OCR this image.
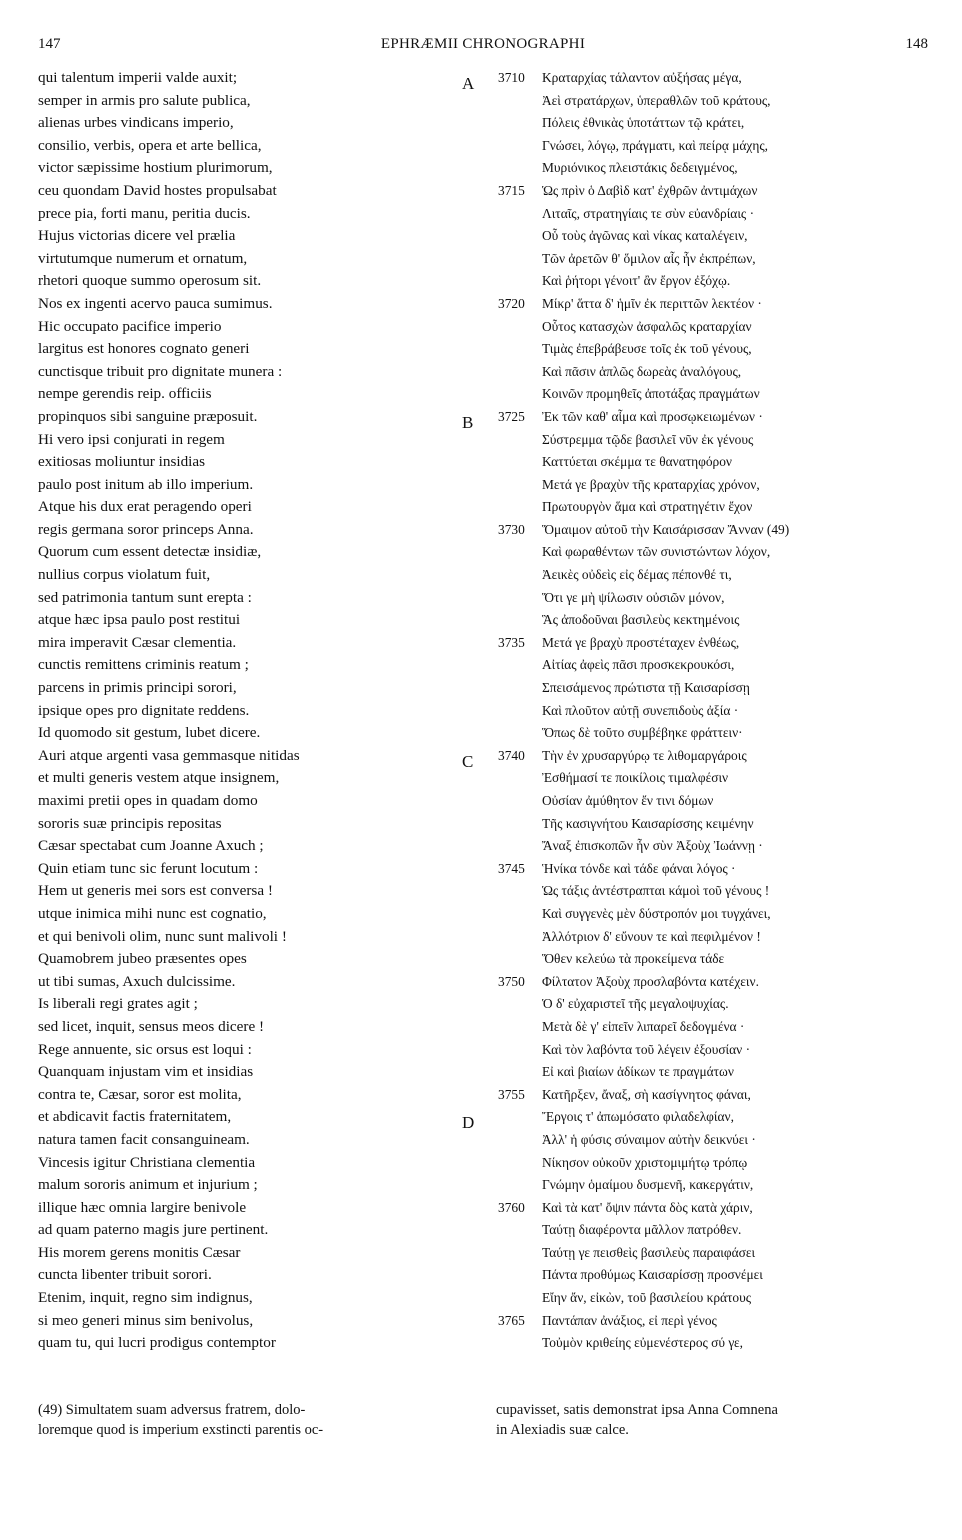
147	EPHRÆMII CHRONOGRAPHI	148
qui talentum imperii valde auxit;
semper in armis pro salute publica,
alienas urbes vindicans imperio,
consilio, verbis, opera et arte bellica,
victor sæpissime hostium plurimorum,
ceu quondam David hostes propulsabat
prece pia, forti manu, peritia ducis.
Hujus victorias dicere vel prælia
virtutumque numerum et ornatum,
rhetori quoque summo operosum sit.
Nos ex ingenti acervo pauca sumimus.
Hic occupato pacifice imperio
largitus est honores cognato generi
cunctisque tribuit pro dignitate munera :
nempe gerendis reip. officiis
propinquos sibi sanguine præposuit.
Hi vero ipsi conjurati in regem
exitiosas moliuntur insidias
paulo post initum ab illo imperium.
Atque his dux erat peragendo operi
regis germana soror princeps Anna.
Quorum cum essent detectæ insidiæ,
nullius corpus violatum fuit,
sed patrimonia tantum sunt erepta :
atque hæc ipsa paulo post restitui
mira imperavit Cæsar clementia.
cunctis remittens criminis reatum ;
parcens in primis principi sorori,
ipsique opes pro dignitate reddens.
Id quomodo sit gestum, lubet dicere.
Auri atque argenti vasa gemmasque nitidas
et multi generis vestem atque insignem,
maximi pretii opes in quadam domo
sororis suæ principis repositas
Cæsar spectabat cum Joanne Axuch ;
Quin etiam tunc sic ferunt locutum :
Hem ut generis mei sors est conversa !
utque inimica mihi nunc est cognatio,
et qui benivoli olim, nunc sunt malivoli !
Quamobrem jubeo præsentes opes
ut tibi sumas, Axuch dulcissime.
Is liberali regi grates agit ;
sed licet, inquit, sensus meos dicere !
Rege annuente, sic orsus est loqui :
Quanquam injustam vim et insidias
contra te, Cæsar, soror est molita,
et abdicavit factis fraternitatem,
natura tamen facit consanguineam.
Vincesis igitur Christiana clementia
malum sororis animum et injurium ;
illique hæc omnia largire benivole
ad quam paterno magis jure pertinent.
His morem gerens monitis Cæsar
cuncta libenter tribuit sorori.
Etenim, inquit, regno sim indignus,
si meo generi minus sim benivolus,
quam tu, qui lucri prodigus contemptor
A 3710 Κραταρχίας τάλαντον αὐξήσας μέγα,
Ἀεὶ στρατάρχων, ὑπεραθλῶν τοῦ κράτους,
Πόλεις ἐθνικὰς ὑποτάττων τῷ κράτει,
Γνώσει, λόγῳ, πράγματι, καὶ πείρᾳ μάχης,
Μυριόνικος πλειστάκις δεδειγμένος,
3715 Ὡς πρὶν ὁ Δαβὶδ κατ' ἐχθρῶν ἀντιμάχων
Λιταῖς, στρατηγίαις τε σὺν εὐανδρίαις ·
Οὗ τοὺς ἀγῶνας καὶ νίκας καταλέγειν,
Τῶν ἀρετῶν θ' ὅμιλον αἷς ἦν ἐκπρέπων,
Καὶ ῥήτορι γένοιτ' ἂν ἔργον ἐξόχῳ.
3720 Μίκρ' ἅττα δ' ἡμῖν ἐκ περιττῶν λεκτέον ·
Οὗτος κατασχὼν ἀσφαλῶς κραταρχίαν
Τιμὰς ἐπεβράβευσε τοῖς ἐκ τοῦ γένους,
Καὶ πᾶσιν ἁπλῶς δωρεὰς ἀναλόγους,
Κοινῶν προμηθεῖς ἀποτάξας πραγμάτων
B 3725 Ἐκ τῶν καθ' αἷμα καὶ προσῳκειωμένων ·
Σύστρεμμα τῷδε βασιλεῖ νῦν ἐκ γένους
Καττύεται σκέμμα τε θανατηφόρον
Μετά γε βραχὺν τῆς κραταρχίας χρόνον,
Πρωτουργὸν ἅμα καὶ στρατηγέτιν ἔχον
3730 Ὅμαιμον αὐτοῦ τὴν Καισάρισσαν Ἄνναν (49)
Καὶ φωραθέντων τῶν συνιστώντων λόχον,
Ἀεικὲς οὐδεὶς εἰς δέμας πέπονθέ τι,
Ὅτι γε μὴ ψίλωσιν οὐσιῶν μόνον,
Ἃς ἀποδοῦναι βασιλεὺς κεκτημένοις
3735 Μετά γε βραχὺ προστέταχεν ἐνθέως,
Αἰτίας ἀφεὶς πᾶσι προσκεκρουκόσι,
Σπεισάμενος πρώτιστα τῇ Καισαρίσσῃ
Καὶ πλοῦτον αὐτῇ συνεπιδοὺς ἀξία ·
Ὅπως δὲ τοῦτο συμβέβηκε φράττειν·
C 3740 Τὴν ἐν χρυσαργύρῳ τε λιθομαργάροις
Ἐσθήμασί τε ποικίλοις τιμαλφέσιν
Οὐσίαν ἀμύθητον ἔν τινι δόμων
Τῆς κασιγνήτου Καισαρίσσης κειμένην
Ἄναξ ἐπισκοπῶν ἦν σὺν Ἀξοὺχ Ἰωάννῃ ·
3745 Ἡνίκα τόνδε καὶ τάδε φάναι λόγος ·
Ὡς τάξις ἀντέστραπται κάμοὶ τοῦ γένους !
Καὶ συγγενὲς μὲν δύστροπόν μοι τυγχάνει,
Ἀλλότριον δ' εὔνουν τε καὶ πεφιλμένον !
Ὅθεν κελεύω τὰ προκείμενα τάδε
3750 Φίλτατον Ἀξοὺχ προσλαβόντα κατέχειν.
Ὁ δ' εὐχαριστεῖ τῆς μεγαλοψυχίας.
Μετὰ δὲ γ' εἰπεῖν λιπαρεῖ δεδογμένα ·
Καὶ τὸν λαβόντα τοῦ λέγειν ἐξουσίαν ·
Εἰ καὶ βιαίων ἀδίκων τε πραγμάτων
3755 Κατῆρξεν, ἄναξ, σὴ κασίγνητος φάναι,
D	Ἔργοις τ' ἀπωμόσατο φιλαδελφίαν,
Ἀλλ' ἡ φύσις σύναιμον αὐτὴν δεικνύει ·
Νίκησον οὐκοῦν χριστομιμήτῳ τρόπῳ
Γνώμην ὁμαίμου δυσμενῆ, κακεργάτιν,
3760 Καὶ τὰ κατ' ὄψιν πάντα δὸς κατὰ χάριν,
Ταύτῃ διαφέροντα μᾶλλον πατρόθεν.
Ταύτῃ γε πεισθεὶς βασιλεὺς παραιφάσει
Πάντα προθύμως Καισαρίσσῃ προσνέμει
Εἴην ἄν, εἰκὼν, τοῦ βασιλείου κράτους
3765 Παντάπαν ἀνάξιος, εἰ περὶ γένος
Τοὐμὸν κριθείης εὐμενέστερος σύ γε,
(49) Simultatem suam adversus fratrem, dolo-
loremque quod is imperium exstincti parentis oc-
cupavisset, satis demonstrat ipsa Anna Comnena
in Alexiadis suæ calce.
